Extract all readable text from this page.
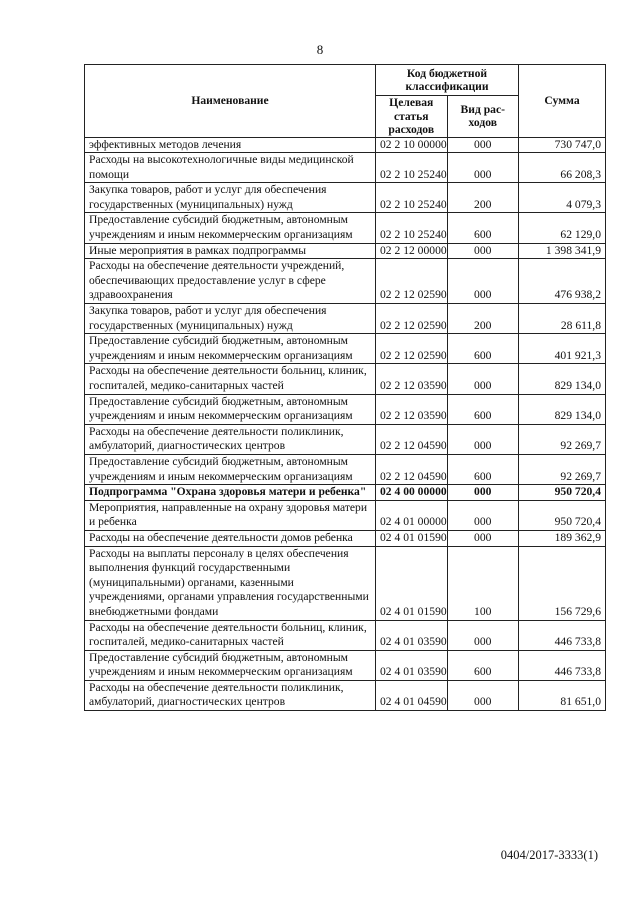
8
Наименование	Код бюджетной классификации		Сумма
	Целевая статья расходов	Вид рас-ходов	
эффективных методов лечения	02 2 10 00000	000	730 747,0
Расходы на высокотехнологичные виды медицинской помощи	02 2 10 25240	000	66 208,3
Закупка товаров, работ и услуг для обеспечения государственных (муниципальных) нужд	02 2 10 25240	200	4 079,3
Предоставление субсидий бюджетным, автономным учреждениям и иным некоммерческим организациям	02 2 10 25240	600	62 129,0
Иные мероприятия в рамках подпрограммы	02 2 12 00000	000	1 398 341,9
Расходы на обеспечение деятельности учреждений, обеспечивающих предоставление услуг в сфере здравоохранения	02 2 12 02590	000	476 938,2
Закупка товаров, работ и услуг для обеспечения государственных (муниципальных) нужд	02 2 12 02590	200	28 611,8
Предоставление субсидий бюджетным, автономным учреждениям и иным некоммерческим организациям	02 2 12 02590	600	401 921,3
Расходы на обеспечение деятельности больниц, клиник, госпиталей, медико-санитарных частей	02 2 12 03590	000	829 134,0
Предоставление субсидий бюджетным, автономным учреждениям и иным некоммерческим организациям	02 2 12 03590	600	829 134,0
Расходы на обеспечение деятельности поликлиник, амбулаторий, диагностических центров	02 2 12 04590	000	92 269,7
Предоставление субсидий бюджетным, автономным учреждениям и иным некоммерческим организациям	02 2 12 04590	600	92 269,7
Подпрограмма "Охрана здоровья матери и ребенка"	02 4 00 00000	000	950 720,4
Мероприятия, направленные на охрану здоровья матери и ребенка	02 4 01 00000	000	950 720,4
Расходы на обеспечение деятельности домов ребенка	02 4 01 01590	000	189 362,9
Расходы на выплаты персоналу в целях обеспечения выполнения функций государственными (муниципальными) органами, казенными учреждениями, органами управления государственными внебюджетными фондами	02 4 01 01590	100	156 729,6
Расходы на обеспечение деятельности больниц, клиник, госпиталей, медико-санитарных частей	02 4 01 03590	000	446 733,8
Предоставление субсидий бюджетным, автономным учреждениям и иным некоммерческим организациям	02 4 01 03590	600	446 733,8
Расходы на обеспечение деятельности поликлиник, амбулаторий, диагностических центров	02 4 01 04590	000	81 651,0
0404/2017-3333(1)
